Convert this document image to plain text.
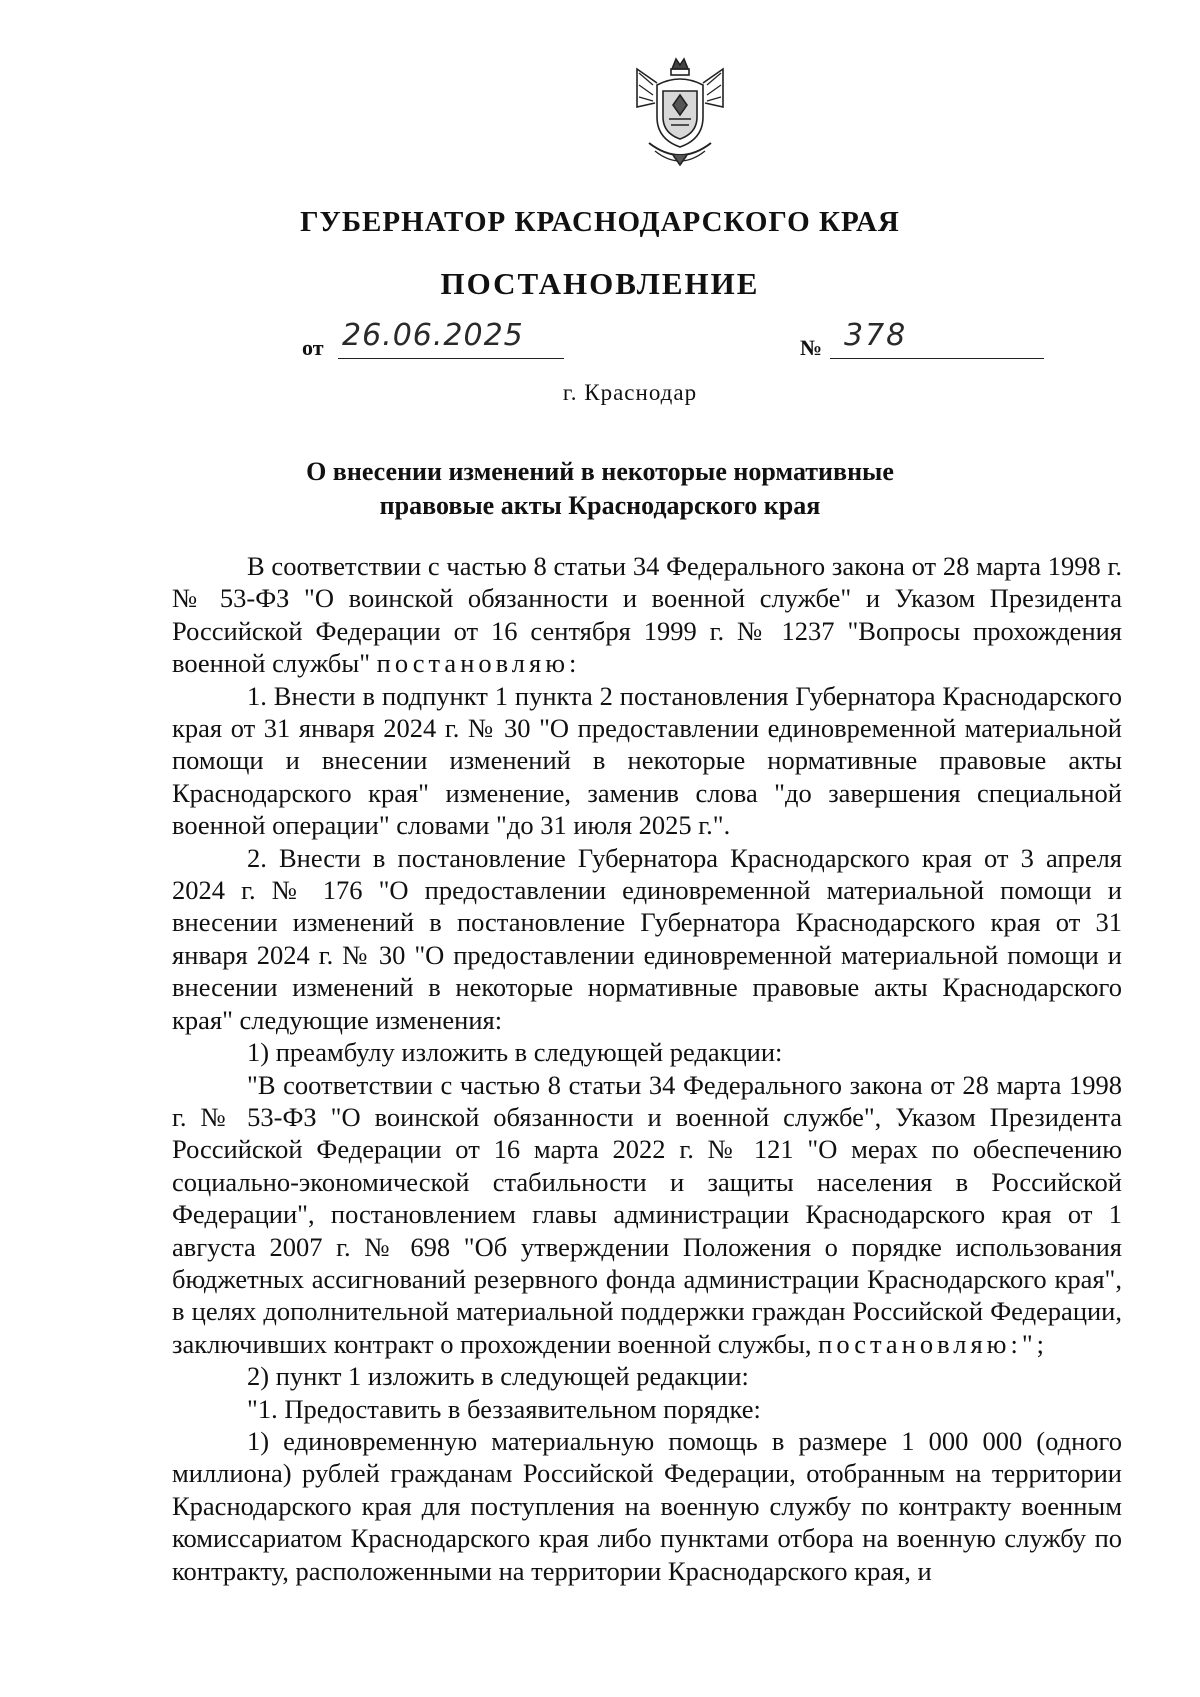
ГУБЕРНАТОР КРАСНОДАРСКОГО КРАЯ
ПОСТАНОВЛЕНИЕ
от 26.06.2025	№ 378
г. Краснодар
О внесении изменений в некоторые нормативные
правовые акты Краснодарского края

В соответствии с частью 8 статьи 34 Федерального закона от 28 марта 1998 г. № 53-ФЗ "О воинской обязанности и военной службе" и Указом Президента Российской Федерации от 16 сентября 1999 г. № 1237 "Вопросы прохождения военной службы" постановляю:

1. Внести в подпункт 1 пункта 2 постановления Губернатора Краснодарского края от 31 января 2024 г. № 30 "О предоставлении единовременной материальной помощи и внесении изменений в некоторые нормативные правовые акты Краснодарского края" изменение, заменив слова "до завершения специальной военной операции" словами "до 31 июля 2025 г.".

2. Внести в постановление Губернатора Краснодарского края от 3 апреля 2024 г. № 176 "О предоставлении единовременной материальной помощи и внесении изменений в постановление Губернатора Краснодарского края от 31 января 2024 г. № 30 "О предоставлении единовременной материальной помощи и внесении изменений в некоторые нормативные правовые акты Краснодарского края" следующие изменения:

1) преамбулу изложить в следующей редакции:

"В соответствии с частью 8 статьи 34 Федерального закона от 28 марта 1998 г. № 53-ФЗ "О воинской обязанности и военной службе", Указом Президента Российской Федерации от 16 марта 2022 г. № 121 "О мерах по обеспечению социально-экономической стабильности и защиты населения в Российской Федерации", постановлением главы администрации Краснодарского края от 1 августа 2007 г. № 698 "Об утверждении Положения о порядке использования бюджетных ассигнований резервного фонда администрации Краснодарского края", в целях дополнительной материальной поддержки граждан Российской Федерации, заключивших контракт о прохождении военной службы, постановляю:";

2) пункт 1 изложить в следующей редакции:

"1. Предоставить в беззаявительном порядке:

1) единовременную материальную помощь в размере 1 000 000 (одного миллиона) рублей гражданам Российской Федерации, отобранным на территории Краснодарского края для поступления на военную службу по контракту военным комиссариатом Краснодарского края либо пунктами отбора на военную службу по контракту, расположенными на территории Краснодарского края, и
